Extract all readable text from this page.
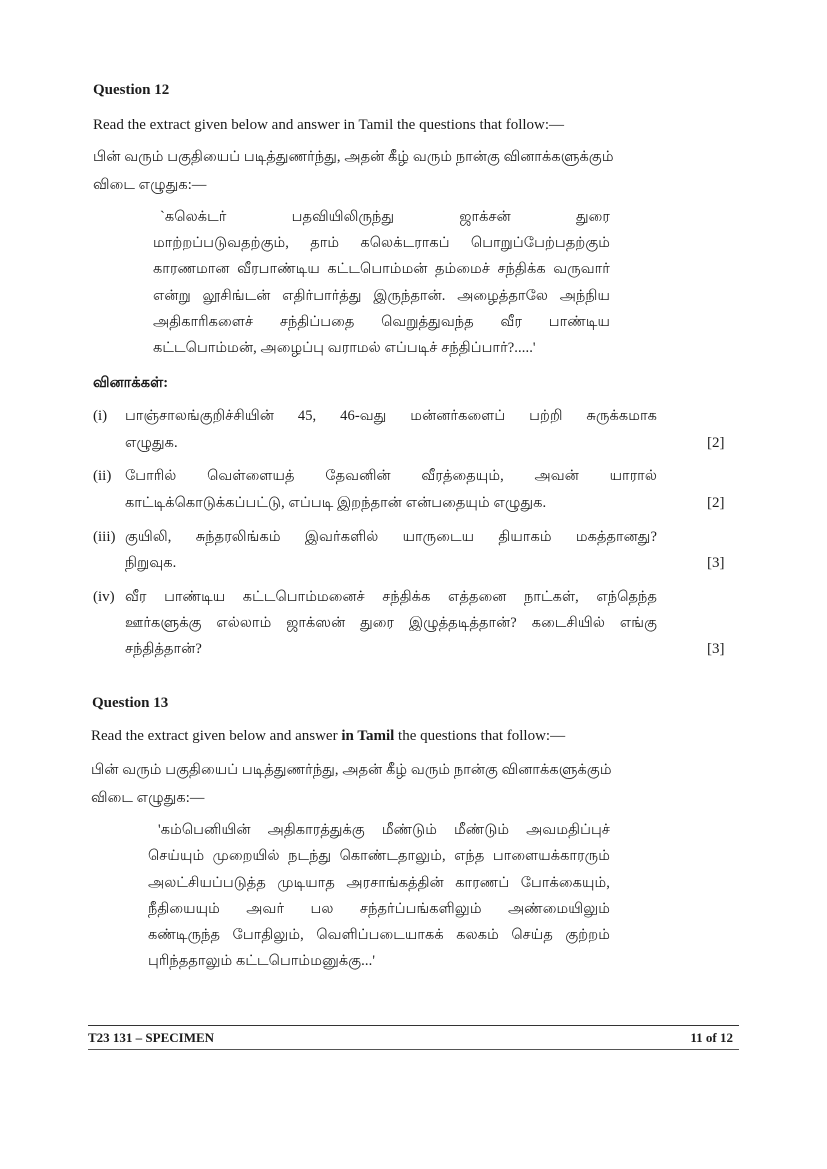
Question 12
Read the extract given below and answer in Tamil the questions that follow:—
பின் வரும் பகுதியைப் படித்துணர்ந்து, அதன் கீழ் வரும் நான்கு வினாக்களுக்கும்
விடை எழுதுக:—
`கலெக்டர் பதவியிலிருந்து ஜாக்சன் துரை
மாற்றப்படுவதற்கும், தாம் கலெக்டராகப் பொறுப்பேற்பதற்கும்
காரணமான வீரபாண்டிய கட்டபொம்மன் தம்மைச் சந்திக்க வருவார்
என்று லூசிங்டன் எதிர்பார்த்து இருந்தான். அழைத்தாலே அந்நிய
அதிகாரிகளைச் சந்திப்பதை வெறுத்துவந்த வீர பாண்டிய
கட்டபொம்மன், அழைப்பு வராமல் எப்படிச் சந்திப்பார்?.....'
வினாக்கள்:
(i) பாஞ்சாலங்குறிச்சியின் 45, 46-வது மன்னர்களைப் பற்றி சுருக்கமாக
எழுதுக.	[2]
(ii) போரில் வெள்ளையத் தேவனின் வீரத்தையும், அவன் யாரால்
காட்டிக்கொடுக்கப்பட்டு, எப்படி இறந்தான் என்பதையும் எழுதுக.	[2]
(iii) குயிலி, சுந்தரலிங்கம் இவர்களில் யாருடைய தியாகம் மகத்தானது?
நிறுவுக.	[3]
(iv) வீர பாண்டிய கட்டபொம்மனைச் சந்திக்க எத்தனை நாட்கள், எந்தெந்த
ஊர்களுக்கு எல்லாம் ஜாக்ஸன் துரை இழுத்தடித்தான்? கடைசியில் எங்கு
சந்தித்தான்?	[3]
Question 13
Read the extract given below and answer in Tamil the questions that follow:—
பின் வரும் பகுதியைப் படித்துணர்ந்து, அதன் கீழ் வரும் நான்கு வினாக்களுக்கும்
விடை எழுதுக:—
'கம்பெனியின் அதிகாரத்துக்கு மீண்டும் மீண்டும் அவமதிப்புச்
செய்யும் முறையில் நடந்து கொண்டதாலும், எந்த பாளையக்காரரும்
அலட்சியப்படுத்த முடியாத அரசாங்கத்தின் காரணப் போக்கையும்,
நீதியையும் அவர் பல சந்தர்ப்பங்களிலும் அண்மையிலும்
கண்டிருந்த போதிலும், வெளிப்படையாகக் கலகம் செய்த குற்றம்
புரிந்ததாலும் கட்டபொம்மனுக்கு...'
T23 131 – SPECIMEN	11 of 12
